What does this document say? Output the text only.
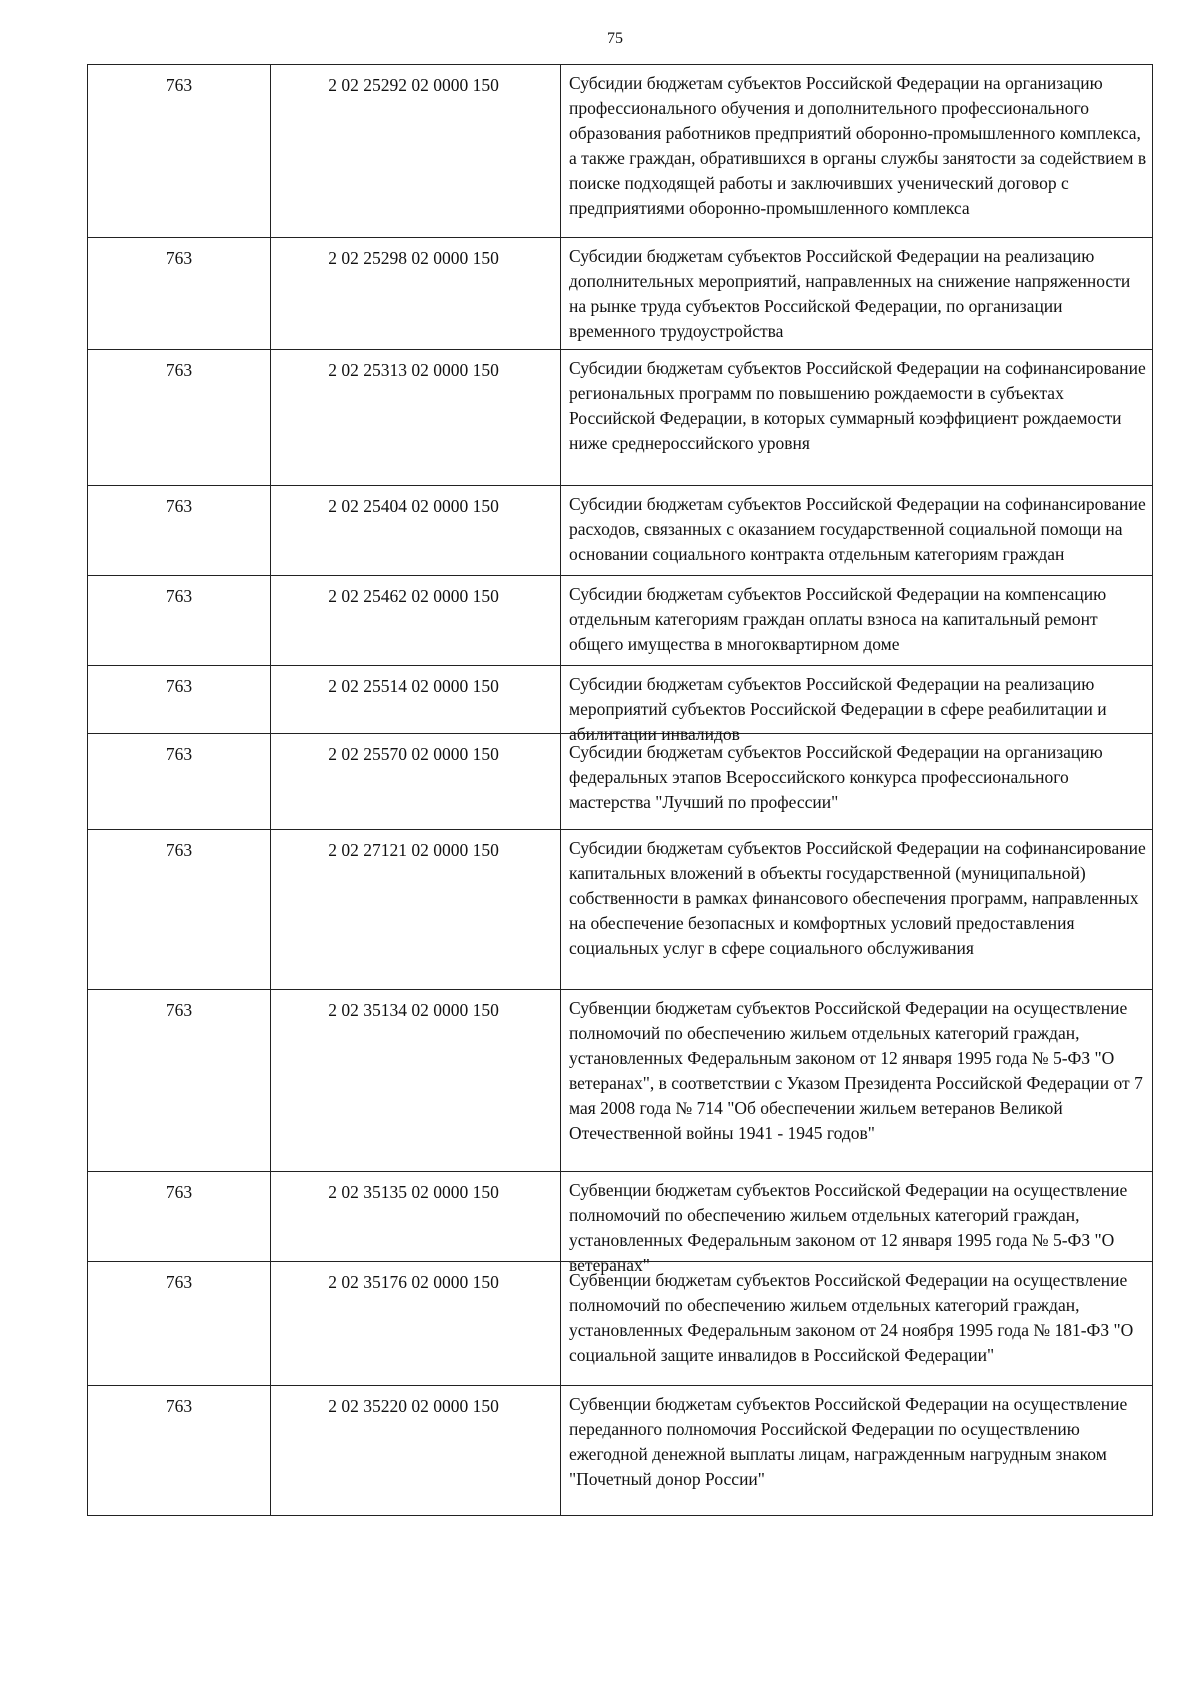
75
763	2 02 25292 02 0000 150	Субсидии бюджетам субъектов Российской Федерации на организацию профессионального обучения и дополнительного профессионального образования работников предприятий оборонно-промышленного комплекса, а также граждан, обратившихся в органы службы занятости за содействием в поиске подходящей работы и заключивших ученический договор с предприятиями оборонно-промышленного комплекса
763	2 02 25298 02 0000 150	Субсидии бюджетам субъектов Российской Федерации на реализацию дополнительных мероприятий, направленных на снижение напряженности на рынке труда субъектов Российской Федерации, по организации временного трудоустройства
763	2 02 25313 02 0000 150	Субсидии бюджетам субъектов Российской Федерации на софинансирование региональных программ по повышению рождаемости в субъектах Российской Федерации, в которых суммарный коэффициент рождаемости ниже среднероссийского уровня
763	2 02 25404 02 0000 150	Субсидии бюджетам субъектов Российской Федерации на софинансирование расходов, связанных с оказанием государственной социальной помощи на основании социального контракта отдельным категориям граждан
763	2 02 25462 02 0000 150	Субсидии бюджетам субъектов Российской Федерации на компенсацию отдельным категориям граждан оплаты взноса на капитальный ремонт общего имущества в многоквартирном доме
763	2 02 25514 02 0000 150	Субсидии бюджетам субъектов Российской Федерации на реализацию мероприятий субъектов Российской Федерации в сфере реабилитации и абилитации инвалидов
763	2 02 25570 02 0000 150	Субсидии бюджетам субъектов Российской Федерации на организацию федеральных этапов Всероссийского конкурса профессионального мастерства "Лучший по профессии"
763	2 02 27121 02 0000 150	Субсидии бюджетам субъектов Российской Федерации на софинансирование капитальных вложений в объекты государственной (муниципальной) собственности в рамках финансового обеспечения программ, направленных на обеспечение безопасных и комфортных условий предоставления социальных услуг в сфере социального обслуживания
763	2 02 35134 02 0000 150	Субвенции бюджетам субъектов Российской Федерации на осуществление полномочий по обеспечению жильем отдельных категорий граждан, установленных Федеральным законом от 12 января 1995 года № 5-ФЗ "О ветеранах", в соответствии с Указом Президента Российской Федерации от 7 мая 2008 года № 714 "Об обеспечении жильем ветеранов Великой Отечественной войны 1941 - 1945 годов"
763	2 02 35135 02 0000 150	Субвенции бюджетам субъектов Российской Федерации на осуществление полномочий по обеспечению жильем отдельных категорий граждан, установленных Федеральным законом от 12 января 1995 года № 5-ФЗ "О ветеранах"
763	2 02 35176 02 0000 150	Субвенции бюджетам субъектов Российской Федерации на осуществление полномочий по обеспечению жильем отдельных категорий граждан, установленных Федеральным законом от 24 ноября 1995 года № 181-ФЗ "О социальной защите инвалидов в Российской Федерации"
763	2 02 35220 02 0000 150	Субвенции бюджетам субъектов Российской Федерации на осуществление переданного полномочия Российской Федерации по осуществлению ежегодной денежной выплаты лицам, награжденным нагрудным знаком "Почетный донор России"
